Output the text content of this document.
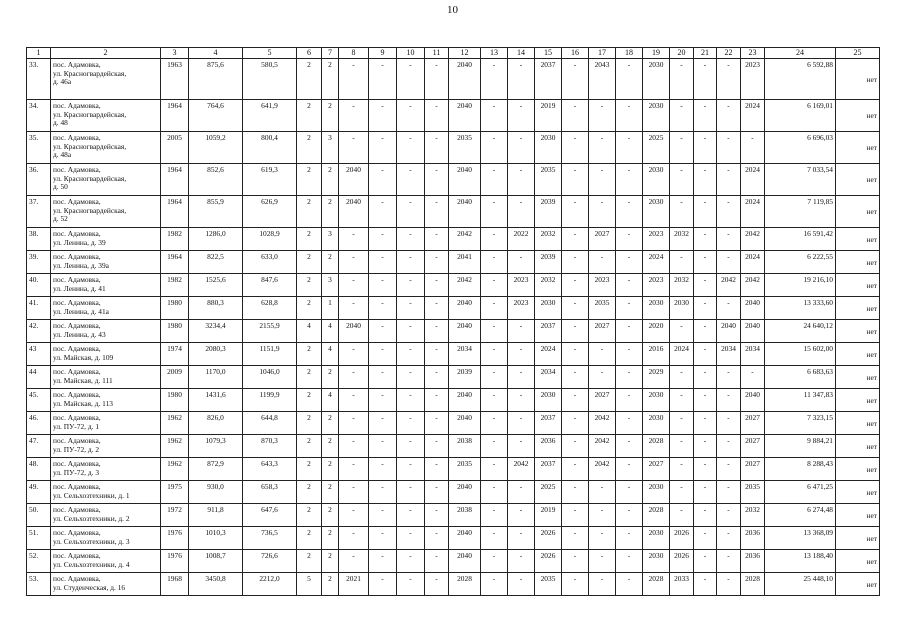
10
1	2	3	4	5	6	7	8	9	10	11	12	13	14	15	16	17	18	19	20	21	22	23	24	25
33.	пос. Адамовка,
ул. Красногвардейская,
д. 46а	1963	875,6	580,5	2	2	-	-	-	-	2040	-	-	2037	-	2043	-	2030	-	-	-	2023	6 592,88	нет
34.	пос. Адамовка,
ул. Красногвардейская,
д. 48	1964	764,6	641,9	2	2	-	-	-	-	2040	-	-	2019	-	-	-	2030	-	-	-	2024	6 169,01	нет
35.	пос. Адамовка,
ул. Красногвардейская,
д. 48а	2005	1059,2	800,4	2	3	-	-	-	-	2035	-	-	2030	-	-	-	2025	-	-	-	-	6 696,03	нет
36.	пос. Адамовка,
ул. Красногвардейская,
д. 50	1964	852,6	619,3	2	2	2040	-	-	-	2040	-	-	2035	-	-	-	2030	-	-	-	2024	7 033,54	нет
37.	пос. Адамовка,
ул. Красногвардейская,
д. 52	1964	855,9	626,9	2	2	2040	-	-	-	2040	-	-	2039	-	-	-	2030	-	-	-	2024	7 119,85	нет
38.	пос. Адамовка,
ул. Ленина, д. 39	1982	1286,0	1028,9	2	3	-	-	-	-	2042	-	2022	2032	-	2027	-	2023	2032	-	-	2042	16 591,42	нет
39.	пос. Адамовка,
ул. Ленина, д. 39а	1964	822,5	633,0	2	2	-	-	-	-	2041	-	-	2039	-	-	-	2024	-	-	-	2024	6 222,55	нет
40.	пос. Адамовка,
ул. Ленина, д. 41	1982	1525,6	847,6	2	3	-	-	-	-	2042	-	2023	2032	-	2023	-	2023	2032	-	2042	2042	19 216,10	нет
41.	пос. Адамовка,
ул. Ленина, д. 41а	1980	880,3	628,8	2	1	-	-	-	-	2040	-	2023	2030	-	2035	-	2030	2030	-	-	2040	13 333,60	нет
42.	пос. Адамовка,
ул. Ленина, д. 43	1980	3234,4	2155,9	4	4	2040	-	-	-	2040	-	-	2037	-	2027	-	2020	-	-	2040	2040	24 640,12	нет
43	пос. Адамовка,
ул. Майская, д. 109	1974	2080,3	1151,9	2	4	-	-	-	-	2034	-	-	2024	-	-	-	2016	2024	-	2034	2034	15 602,00	нет
44	пос. Адамовка,
ул. Майская, д. 111	2009	1170,0	1046,0	2	2	-	-	-	-	2039	-	-	2034	-	-	-	2029	-	-	-	-	6 683,63	нет
45.	пос. Адамовка,
ул. Майская, д. 113	1980	1431,6	1199,9	2	4	-	-	-	-	2040	-	-	2030	-	2027	-	2030	-	-	-	2040	11 347,83	нет
46.	пос. Адамовка,
ул. ПУ-72, д. 1	1962	826,0	644,8	2	2	-	-	-	-	2040	-	-	2037	-	2042	-	2030	-	-	-	2027	7 323,15	нет
47.	пос. Адамовка,
ул. ПУ-72, д. 2	1962	1079,3	870,3	2	2	-	-	-	-	2038	-	-	2036	-	2042	-	2028	-	-	-	2027	9 884,21	нет
48.	пос. Адамовка,
ул. ПУ-72, д. 3	1962	872,9	643,3	2	2	-	-	-	-	2035	-	2042	2037	-	2042	-	2027	-	-	-	2027	8 288,43	нет
49.	пос. Адамовка,
ул. Сельхозтехники, д. 1	1975	930,0	658,3	2	2	-	-	-	-	2040	-	-	2025	-	-	-	2030	-	-	-	2035	6 471,25	нет
50.	пос. Адамовка,
ул. Сельхозтехники, д. 2	1972	911,8	647,6	2	2	-	-	-	-	2038	-	-	2019	-	-	-	2028	-	-	-	2032	6 274,48	нет
51.	пос. Адамовка,
ул. Сельхозтехники, д. 3	1976	1010,3	736,5	2	2	-	-	-	-	2040	-	-	2026	-	-	-	2030	2026	-	-	2036	13 368,09	нет
52.	пос. Адамовка,
ул. Сельхозтехники, д. 4	1976	1008,7	726,6	2	2	-	-	-	-	2040	-	-	2026	-	-	-	2030	2026	-	-	2036	13 188,40	нет
53.	пос. Адамовка,
ул. Студенческая, д. 16	1968	3450,8	2212,0	5	2	2021	-	-	-	2028	-	-	2035	-	-	-	2028	2033	-	-	2028	25 448,10	нет
